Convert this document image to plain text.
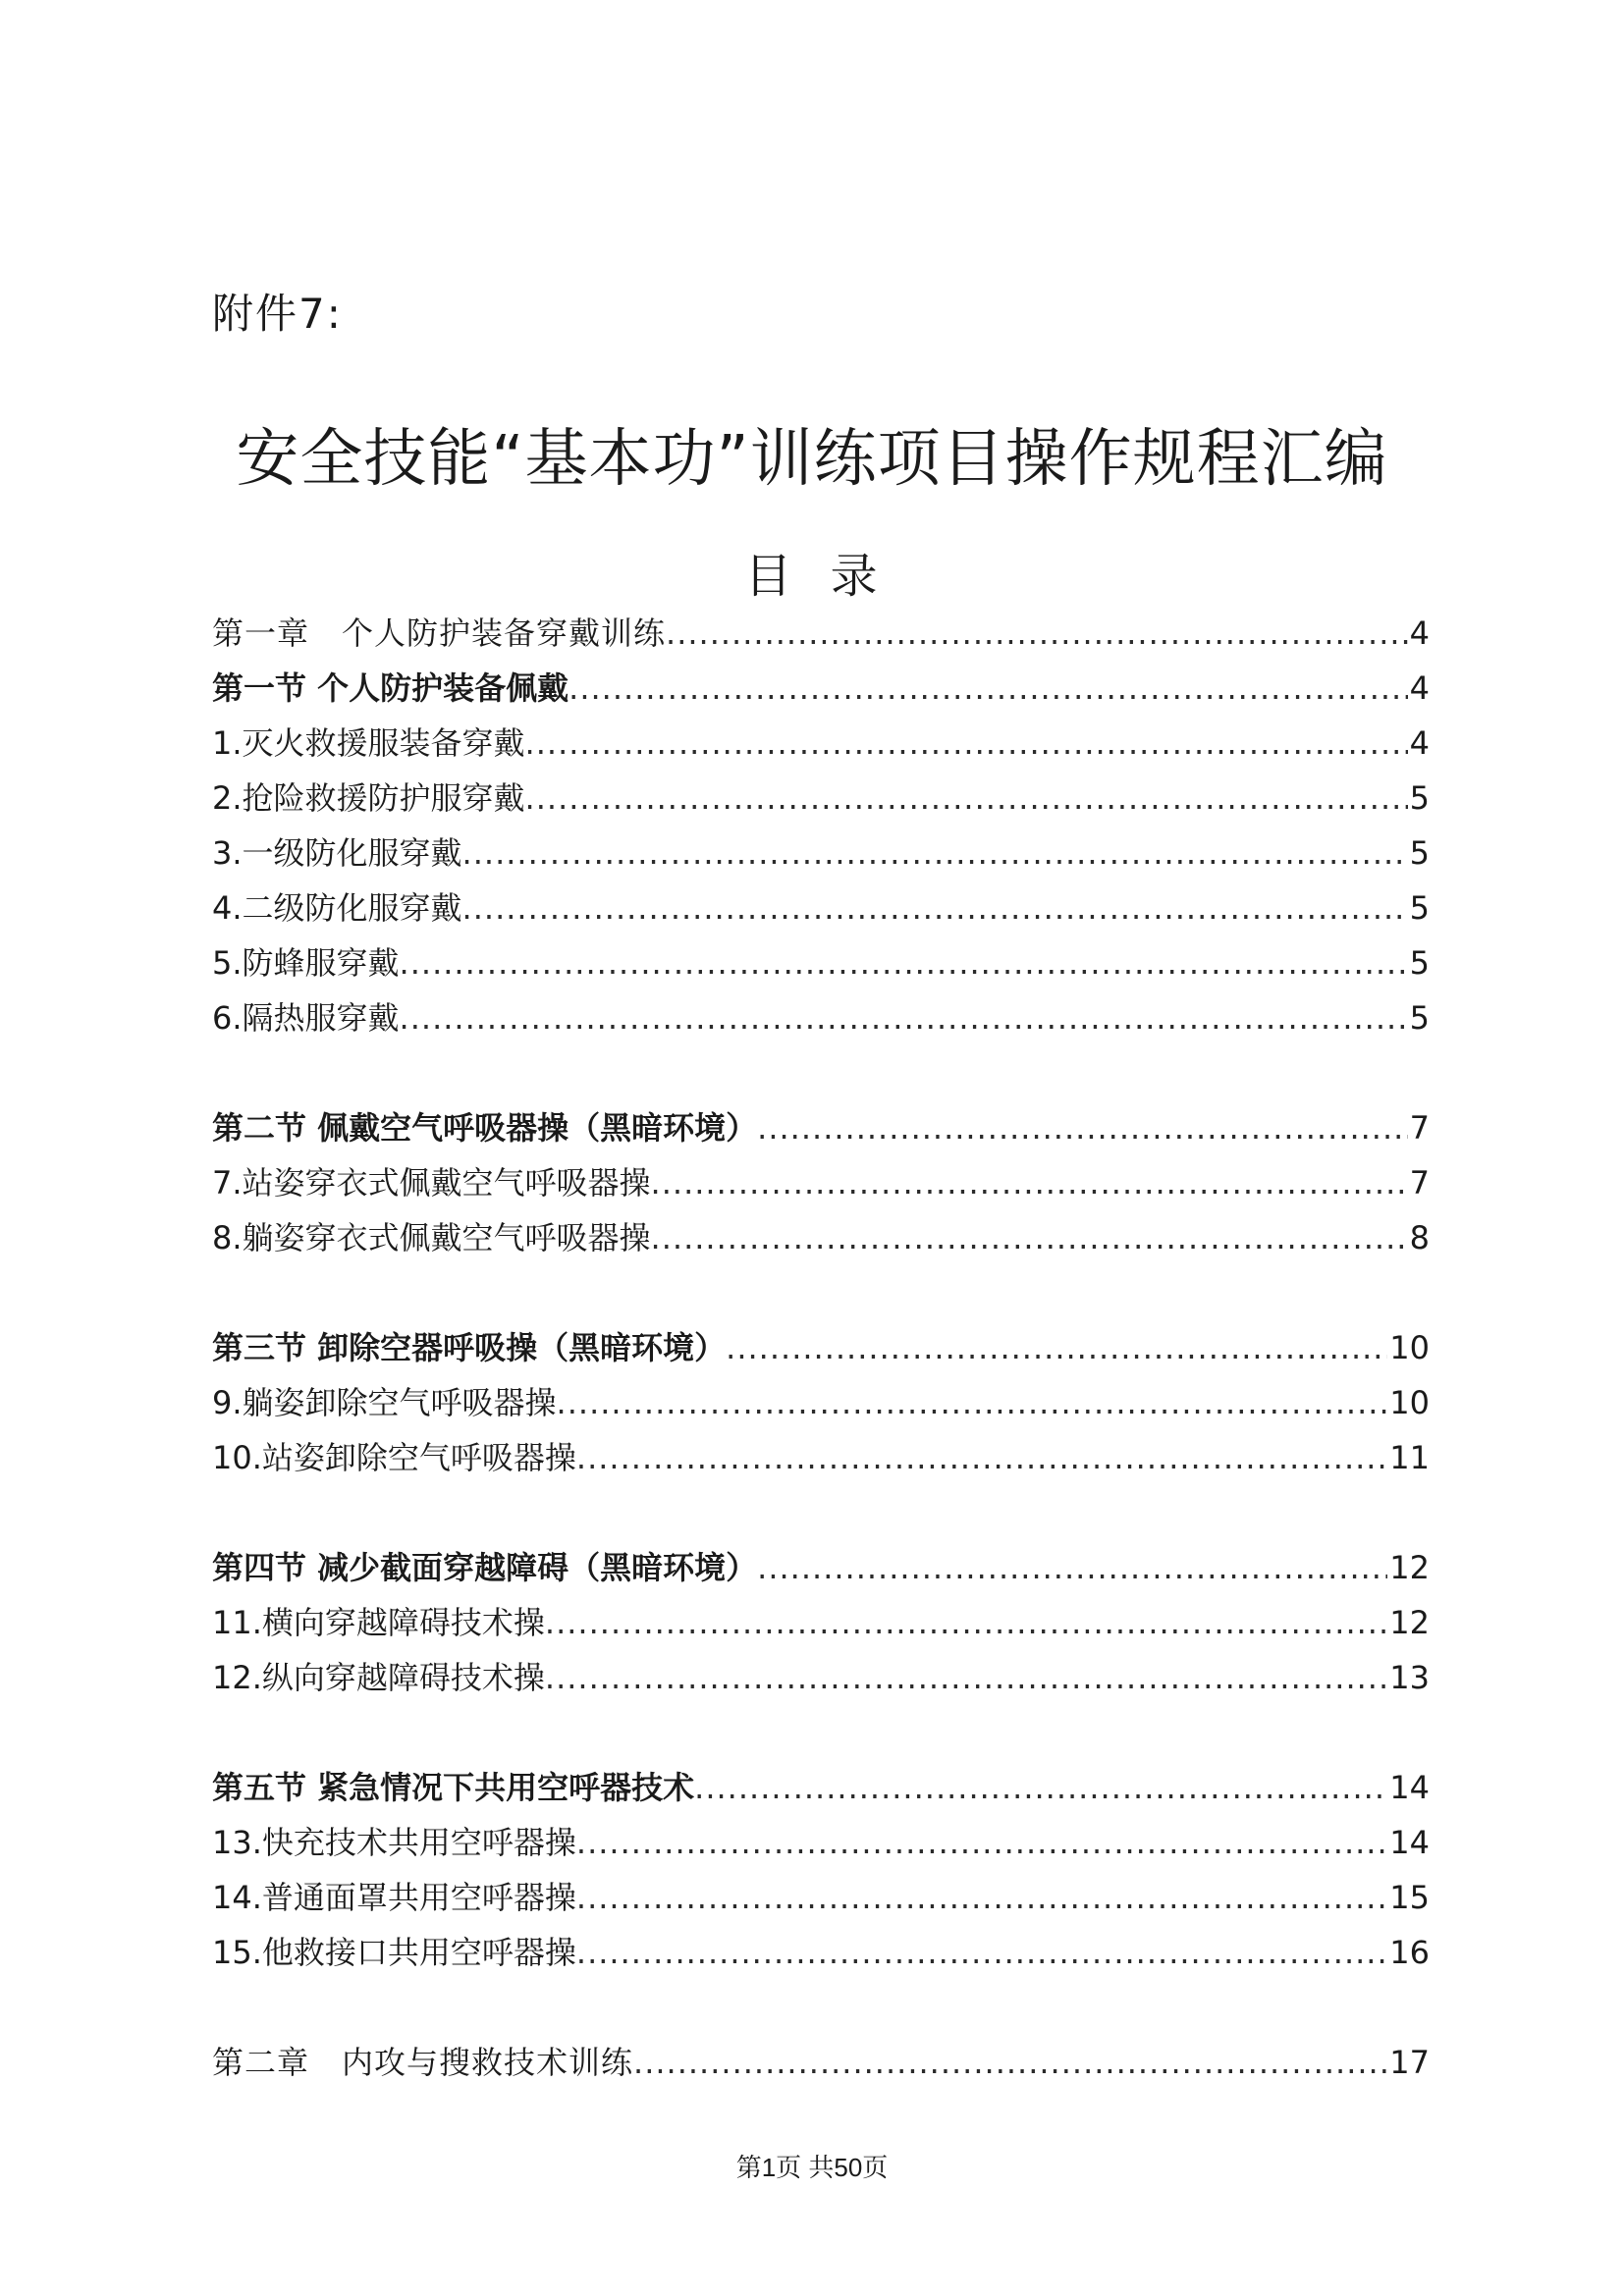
附件7:
安全技能“基本功”训练项目操作规程汇编
目 录
第一章　个人防护装备穿戴训练 .....	4
第一节 个人防护装备佩戴 .....	4
1.灭火救援服装备穿戴 .....	4
2.抢险救援防护服穿戴 .....	5
3.一级防化服穿戴 .....	5
4.二级防化服穿戴 .....	5
5.防蜂服穿戴 .....	5
6.隔热服穿戴 .....	5
第二节 佩戴空气呼吸器操（黑暗环境） .....	7
7.站姿穿衣式佩戴空气呼吸器操 .....	7
8.躺姿穿衣式佩戴空气呼吸器操 .....	8
第三节 卸除空器呼吸操（黑暗环境） .....	10
9.躺姿卸除空气呼吸器操 .....	10
10.站姿卸除空气呼吸器操 .....	11
第四节 减少截面穿越障碍（黑暗环境） .....	12
11.横向穿越障碍技术操 .....	12
12.纵向穿越障碍技术操 .....	13
第五节 紧急情况下共用空呼器技术 .....	14
13.快充技术共用空呼器操 .....	14
14.普通面罩共用空呼器操 .....	15
15.他救接口共用空呼器操 .....	16
第二章　内攻与搜救技术训练 .....	17
第1页 共50页
